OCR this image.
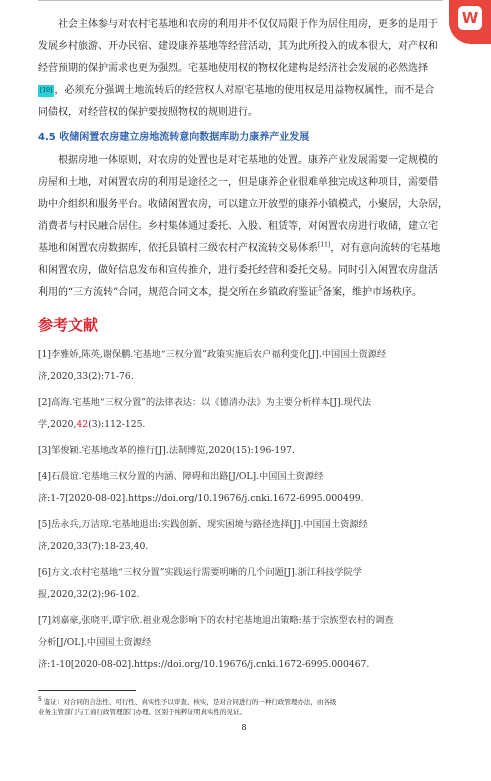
W

社会主体参与对农村宅基地和农房的利用并不仅仅局限于作为居住用房，更多的是用于

发展乡村旅游、开办民宿、建设康养基地等经营活动，其为此所投入的成本很大，对产权和

经营预期的保护需求也更为强烈。宅基地使用权的物权化建构是经济社会发展的必然选择

[10] ，必须充分强调土地流转后的经营权人对原宅基地的使用权是用益物权属性，而不是合

同债权，对经营权的保护要按照物权的规则进行。

4.5 收储闲置农房建立房地流转意向数据库助力康养产业发展

根据房地一体原则，对农房的处置也是对宅基地的处置。康养产业发展需要一定规模的

房屋和土地，对闲置农房的利用是途径之一，但是康养企业很难单独完成这种项目，需要借

助中介组织和服务平台。收储闲置农房，可以建立开放型的康养小镇模式，小聚居，大杂居，

消费者与村民融合居住。乡村集体通过委托、入股、租赁等，对闲置农房进行收储，建立宅

基地和闲置农房数据库，依托县镇村三级农村产权流转交易体系[11]，对有意向流转的宅基地

和闲置农房，做好信息发布和宣传推介，进行委托经营和委托交易。同时引入闲置农房盘活

利用的“三方流转”合同，规范合同文本，提交所在乡镇政府鉴证$^5$备案，维护市场秩序。

参考文献
[1]李雅娇,陈英,谢保鹏.宅基地“三权分置”政策实施后农户福利变化[J].中国国土资源经
济,2020,33(2):71-76.
[2]高海.宅基地“三权分置”的法律表达：以《德清办法》为主要分析样本[J].现代法
学,2020,42(3):112-125.
[3]邹俊颖.宅基地改革的推行[J].法制博览,2020(15):196-197.
[4]石晨谊.宅基地三权分置的内涵、障碍和出路[J/OL].中国国土资源经
济:1-7[2020-08-02].https://doi.org/10.19676/j.cnki.1672-6995.000499.
[5]岳永兵,万洁琼.宅基地退出:实践创新、现实困境与路径选择[J].中国国土资源经
济,2020,33(7):18-23,40.
[6]方文.农村宅基地“三权分置”实践运行需要明晰的几个问题[J].浙江科技学院学
报,2020,32(2):96-102.
[7]刘嘉豪,张晓平,谭宇欣.祖业观念影响下的农村宅基地退出策略:基于宗族型农村的调查
分析[J/OL].中国国土资源经
济:1-10[2020-08-02].https://doi.org/10.19676/j.cnki.1672-6995.000467.

5 鉴证：对合同的合法性、可行性、真实性予以审查、核实，是对合同进行的一种行政管理办法，由各级

业务主管部门与工商行政管理部门办理。区别于纯粹证明真实性的见证。

8
